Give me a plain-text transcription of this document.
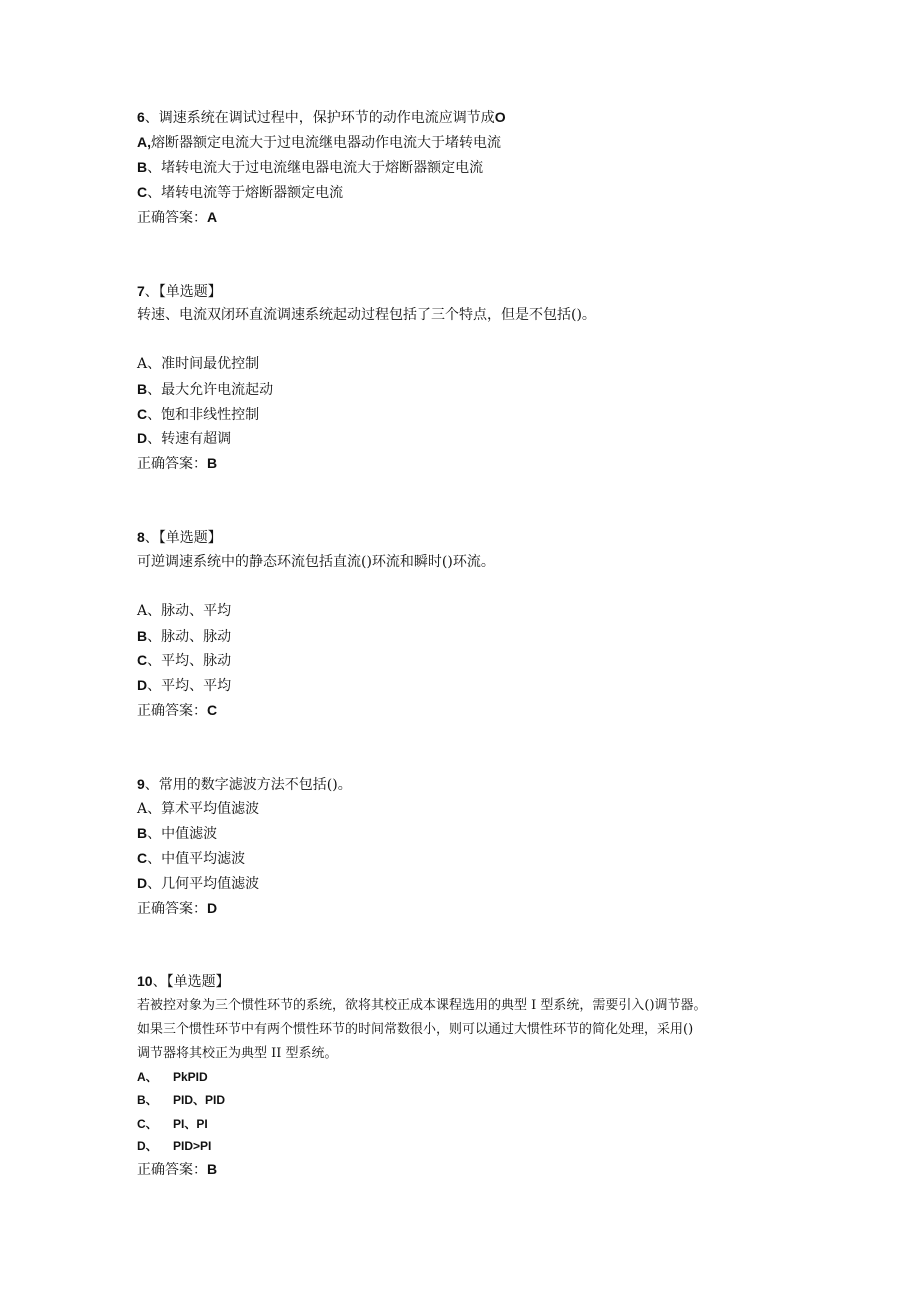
6、调速系统在调试过程中，保护环节的动作电流应调节成O
A,熔断器额定电流大于过电流继电器动作电流大于堵转电流
B、堵转电流大于过电流继电器电流大于熔断器额定电流
C、堵转电流等于熔断器额定电流
正确答案：A
7、【单选题】
转速、电流双闭环直流调速系统起动过程包括了三个特点，但是不包括()。
A、准时间最优控制
B、最大允许电流起动
C、饱和非线性控制
D、转速有超调
正确答案：B
8、【单选题】
可逆调速系统中的静态环流包括直流()环流和瞬时()环流。
A、脉动、平均
B、脉动、脉动
C、平均、脉动
D、平均、平均
正确答案：C
9、常用的数字滤波方法不包括()。
A、算术平均值滤波
B、中值滤波
C、中值平均滤波
D、几何平均值滤波
正确答案：D
10、【单选题】
若被控对象为三个惯性环节的系统，欲将其校正成本课程选用的典型 I 型系统，需要引入()调节器。
如果三个惯性环节中有两个惯性环节的时间常数很小，则可以通过大惯性环节的简化处理，采用()
调节器将其校正为典型 II 型系统。
A、 PkPID
B、 PID、PID
C、 PI、PI
D、 PID>PI
正确答案：B
